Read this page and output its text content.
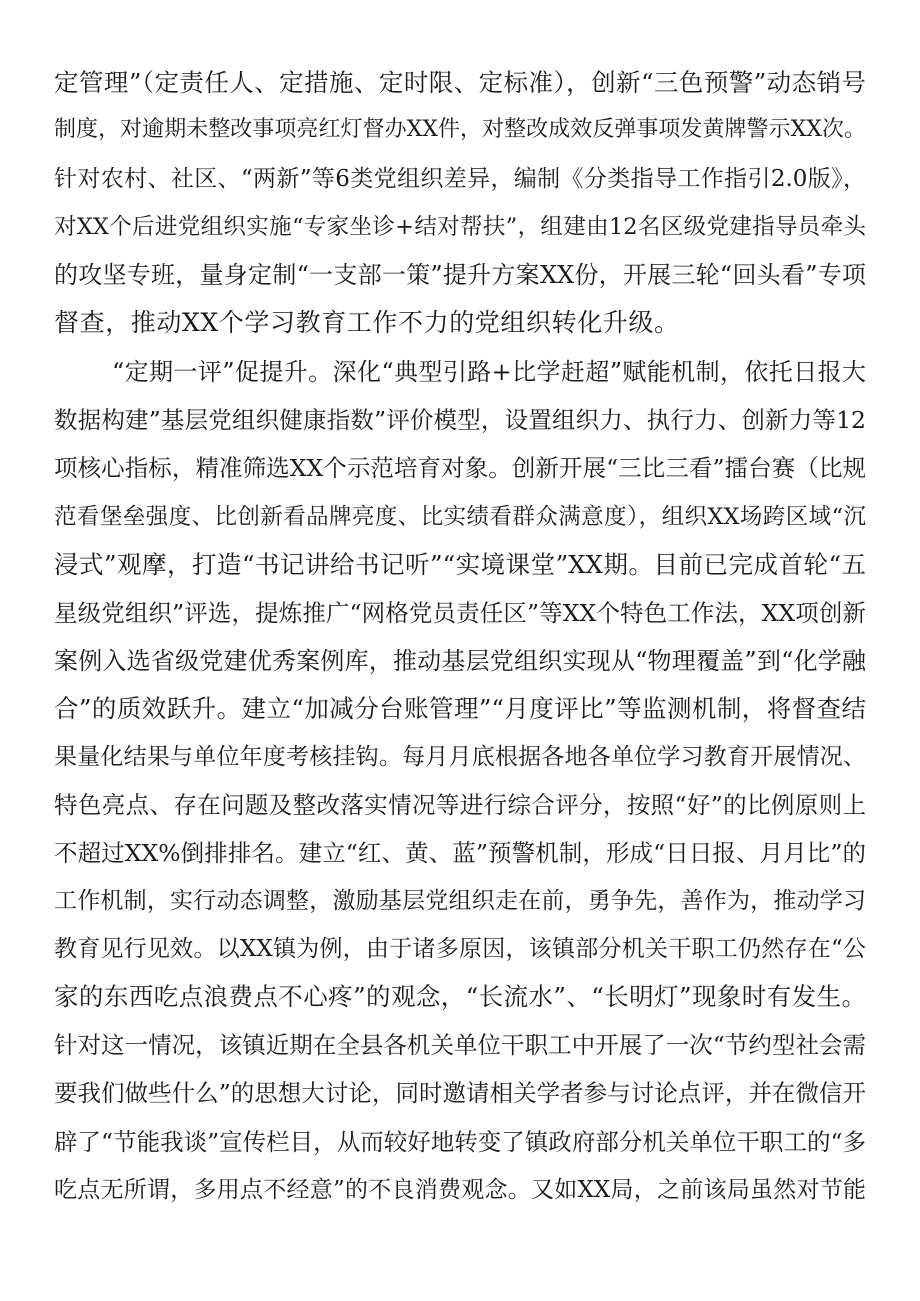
定管理”（定责任人、定措施、定时限、定标准），创新“三色预警”动态销号
制度，对逾期未整改事项亮红灯督办XX件，对整改成效反弹事项发黄牌警示XX次。
针对农村、社区、“两新”等6类党组织差异，编制《分类指导工作指引2.0版》，
对XX个后进党组织实施“专家坐诊+结对帮扶”，组建由12名区级党建指导员牵头
的攻坚专班，量身定制“一支部一策”提升方案XX份，开展三轮“回头看”专项
督查，推动XX个学习教育工作不力的党组织转化升级。
“定期一评”促提升。深化“典型引路+比学赶超”赋能机制，依托日报大
数据构建”基层党组织健康指数”评价模型，设置组织力、执行力、创新力等12
项核心指标，精准筛选XX个示范培育对象。创新开展“三比三看”擂台赛（比规
范看堡垒强度、比创新看品牌亮度、比实绩看群众满意度），组织XX场跨区域“沉
浸式”观摩，打造“书记讲给书记听”“实境课堂”XX期。目前已完成首轮“五
星级党组织”评选，提炼推广“网格党员责任区”等XX个特色工作法，XX项创新
案例入选省级党建优秀案例库，推动基层党组织实现从“物理覆盖”到“化学融
合”的质效跃升。建立“加减分台账管理”“月度评比”等监测机制，将督查结
果量化结果与单位年度考核挂钩。每月月底根据各地各单位学习教育开展情况、
特色亮点、存在问题及整改落实情况等进行综合评分，按照“好”的比例原则上
不超过XX%倒排排名。建立“红、黄、蓝”预警机制，形成“日日报、月月比”的
工作机制，实行动态调整，激励基层党组织走在前，勇争先，善作为，推动学习
教育见行见效。以XX镇为例，由于诸多原因，该镇部分机关干职工仍然存在“公
家的东西吃点浪费点不心疼”的观念，“长流水”、“长明灯”现象时有发生。
针对这一情况，该镇近期在全县各机关单位干职工中开展了一次“节约型社会需
要我们做些什么”的思想大讨论，同时邀请相关学者参与讨论点评，并在微信开
辟了“节能我谈”宣传栏目，从而较好地转变了镇政府部分机关单位干职工的“多
吃点无所谓，多用点不经意”的不良消费观念。又如XX局，之前该局虽然对节能
